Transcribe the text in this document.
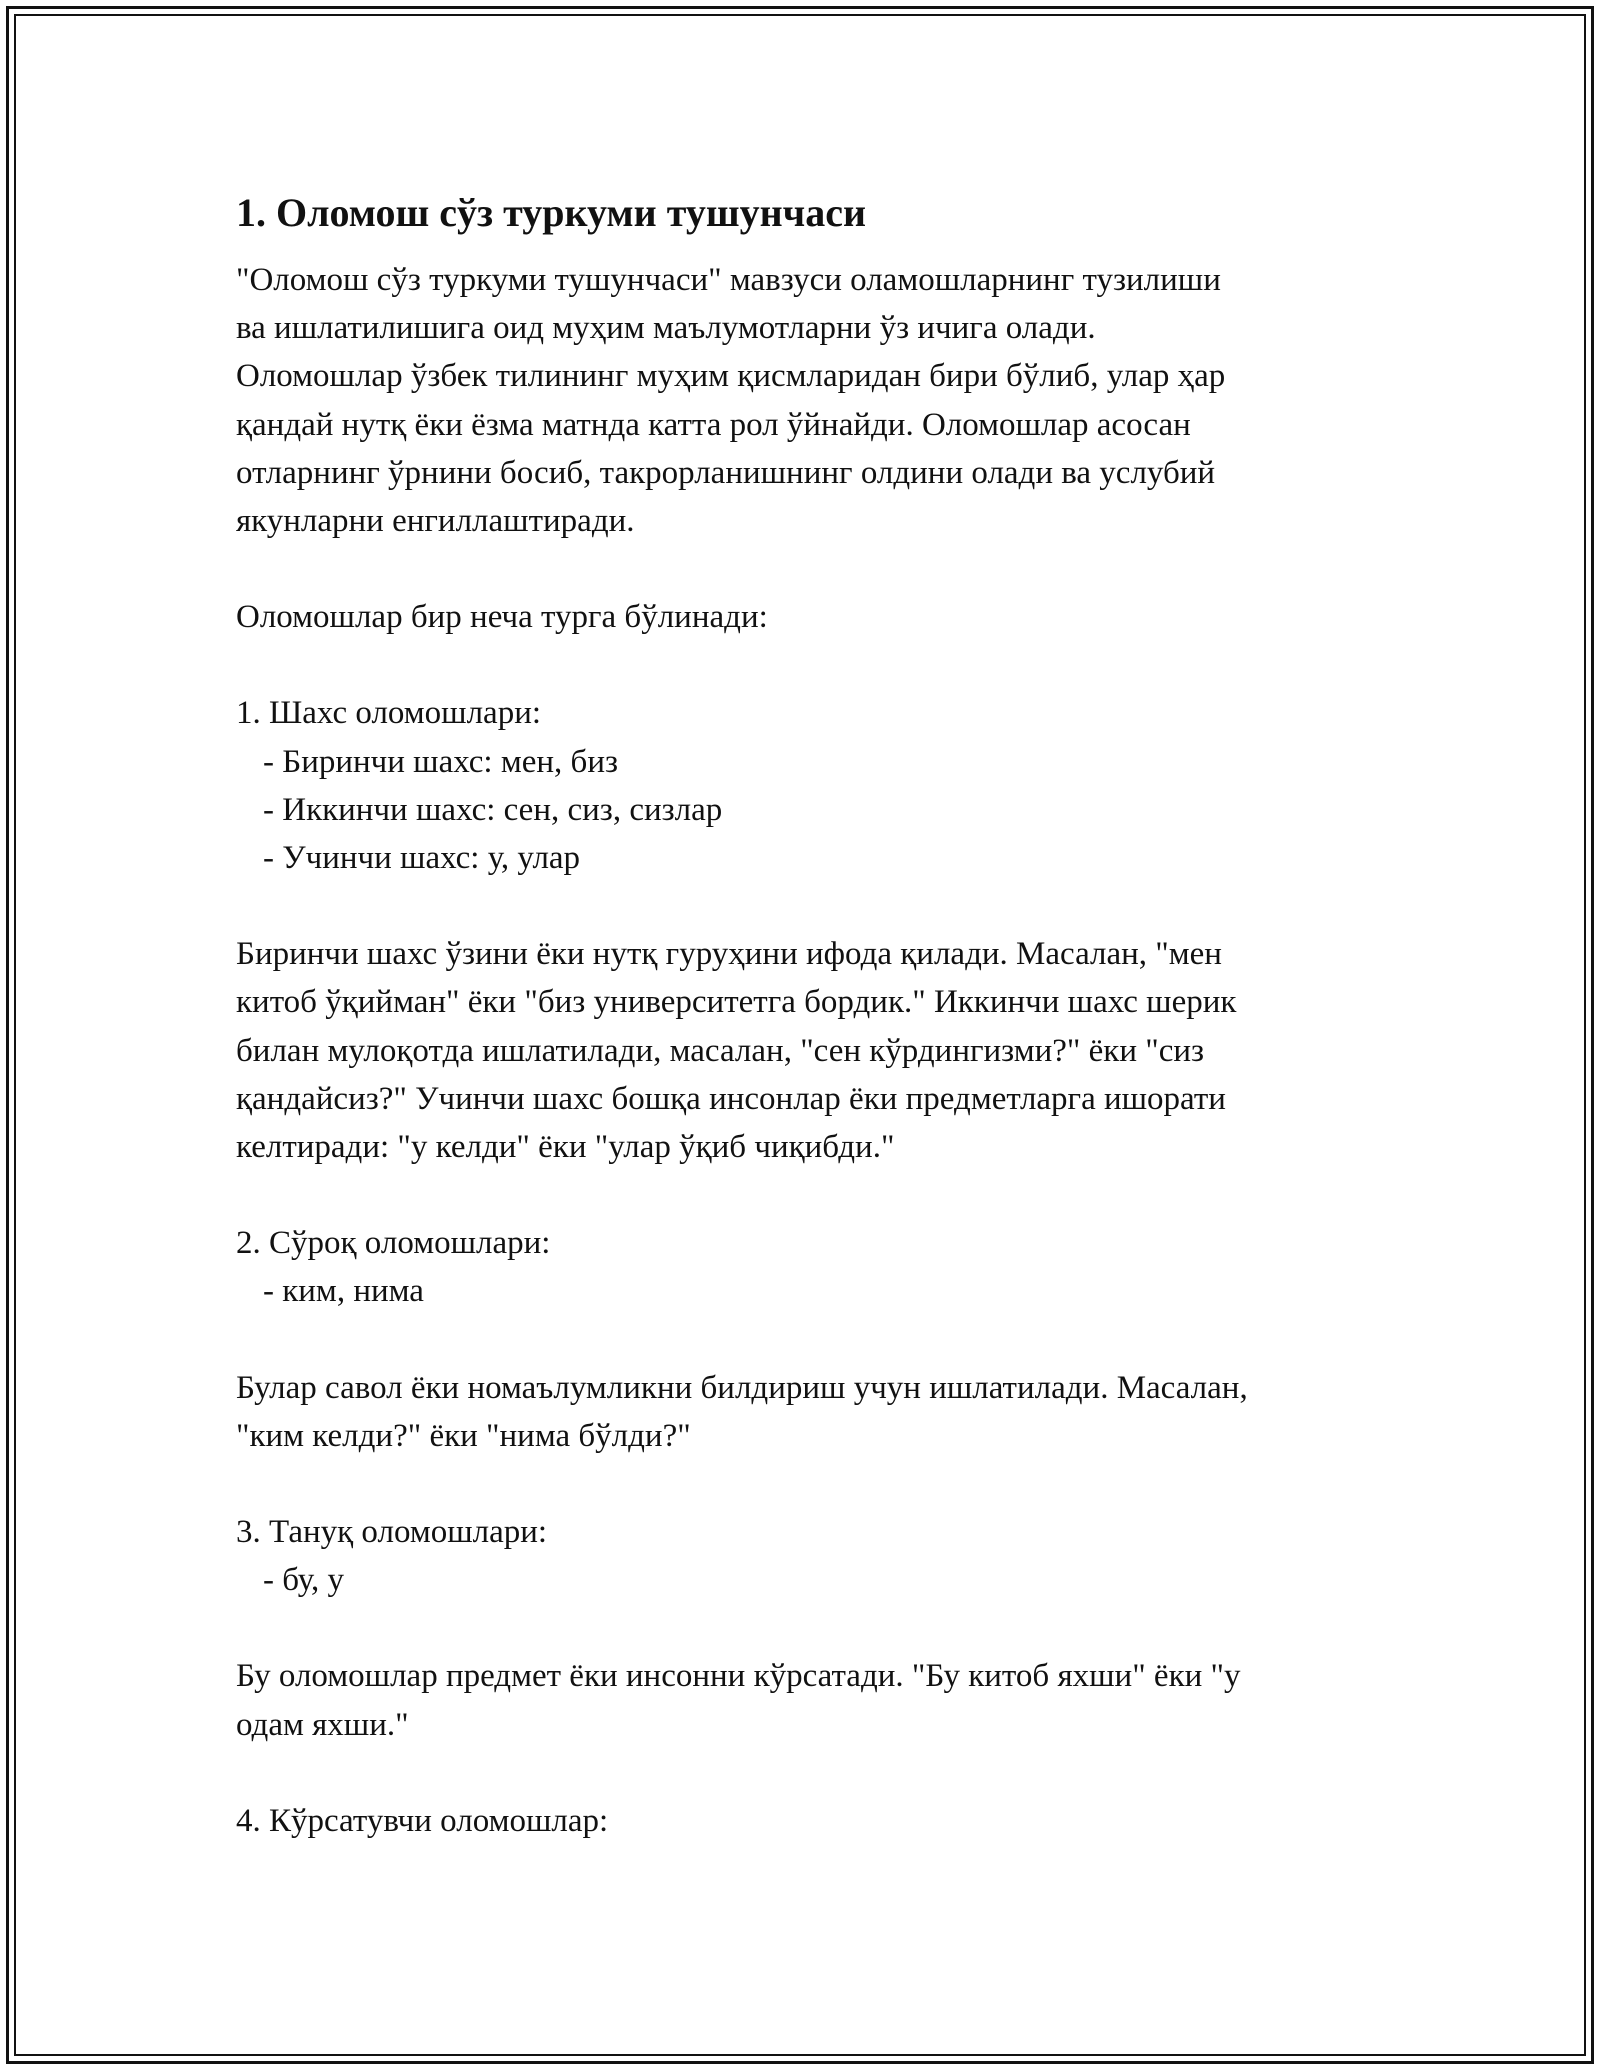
1. Оломош сўз туркуми тушунчаси

"Оломош сўз туркуми тушунчаси" мавзуси оламошларнинг тузилиши
ва ишлатилишига оид муҳим маълумотларни ўз ичига олади.
Оломошлар ўзбек тилининг муҳим қисмларидан бири бўлиб, улар ҳар
қандай нутқ ёки ёзма матнда катта рол ўйнайди. Оломошлар асосан
отларнинг ўрнини босиб, такрорланишнинг олдини олади ва услубий
якунларни енгиллаштиради.

Оломошлар бир неча турга бўлинади:

1. Шахс оломошлари:

- Биринчи шахс: мен, биз

- Иккинчи шахс: сен, сиз, сизлар

- Учинчи шахс: у, улар

Биринчи шахс ўзини ёки нутқ гуруҳини ифода қилади. Масалан, "мен
китоб ўқийман" ёки "биз университетга бордик." Иккинчи шахс шерик
билан мулоқотда ишлатилади, масалан, "сен кўрдингизми?" ёки "сиз
қандайсиз?" Учинчи шахс бошқа инсонлар ёки предметларга ишорати
келтиради: "у келди" ёки "улар ўқиб чиқибди."

2. Сўроқ оломошлари:

- ким, нима

Булар савол ёки номаълумликни билдириш учун ишлатилади. Масалан,
"ким келди?" ёки "нима бўлди?"

3. Тануқ оломошлари:

- бу, у

Бу оломошлар предмет ёки инсонни кўрсатади. "Бу китоб яхши" ёки "у
одам яхши."

4. Кўрсатувчи оломошлар:
